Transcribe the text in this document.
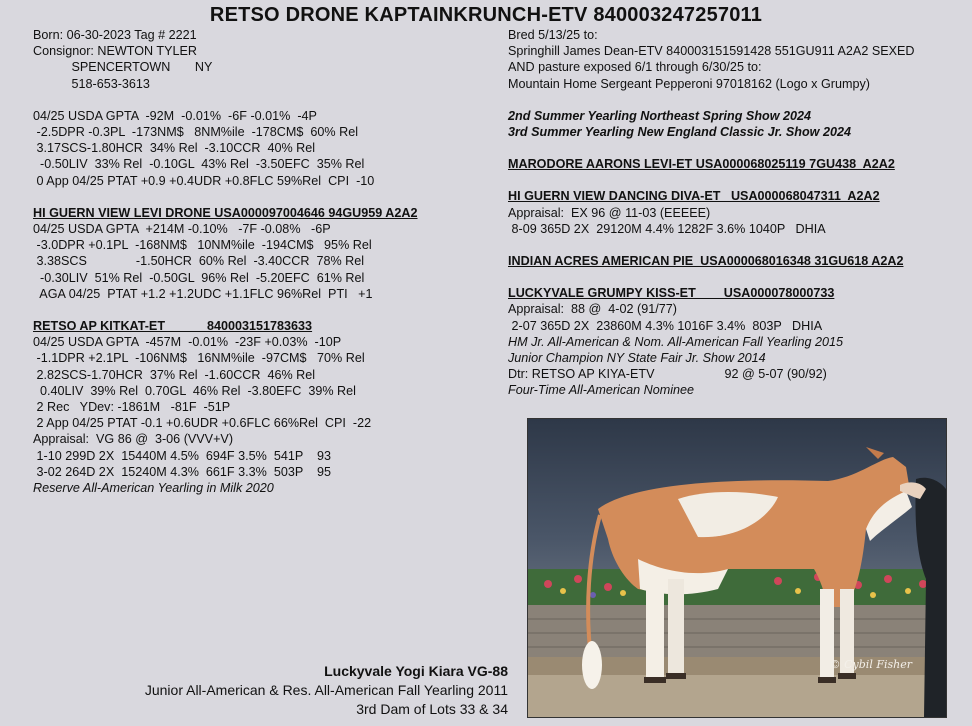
RETSO DRONE KAPTAINKRUNCH-ETV 840003247257011
Born: 06-30-2023 Tag # 2221
Consignor: NEWTON TYLER
SPENCERTOWN       NY
518-653-3613
04/25 USDA GPTA  -92M  -0.01%  -6F -0.01%  -4P
-2.5DPR -0.3PL  -173NM$   8NM%ile  -178CM$  60% Rel
3.17SCS-1.80HCR  34% Rel  -3.10CCR  40% Rel
-0.50LIV  33% Rel  -0.10GL  43% Rel  -3.50EFC  35% Rel
0 App 04/25 PTAT +0.9 +0.4UDR +0.8FLC 59%Rel  CPI  -10
HI GUERN VIEW LEVI DRONE USA000097004646 94GU959 A2A2
04/25 USDA GPTA  +214M -0.10%   -7F -0.08%   -6P
-3.0DPR +0.1PL  -168NM$   10NM%ile  -194CM$   95% Rel
3.38SCS              -1.50HCR  60% Rel  -3.40CCR  78% Rel
-0.30LIV  51% Rel  -0.50GL  96% Rel  -5.20EFC  61% Rel
AGA 04/25  PTAT +1.2 +1.2UDC +1.1FLC 96%Rel  PTI   +1
RETSO AP KITKAT-ET            840003151783633
04/25 USDA GPTA  -457M  -0.01%  -23F +0.03%  -10P
-1.1DPR +2.1PL  -106NM$   16NM%ile  -97CM$   70% Rel
2.82SCS-1.70HCR  37% Rel  -1.60CCR  46% Rel
0.40LIV  39% Rel  0.70GL  46% Rel  -3.80EFC  39% Rel
2 Rec   YDev: -1861M   -81F  -51P
2 App 04/25 PTAT -0.1 +0.6UDR +0.6FLC 66%Rel  CPI  -22
Appraisal:  VG 86 @  3-06 (VVV+V)
1-10 299D 2X  15440M 4.5%  694F 3.5%  541P    93
3-02 264D 2X  15240M 4.3%  661F 3.3%  503P    95
Reserve All-American Yearling in Milk 2020
Bred 5/13/25 to:
Springhill James Dean-ETV 840003151591428 551GU911 A2A2 SEXED
AND pasture exposed 6/1 through 6/30/25 to:
Mountain Home Sergeant Pepperoni 97018162 (Logo x Grumpy)
2nd Summer Yearling Northeast Spring Show 2024
3rd Summer Yearling New England Classic Jr. Show 2024
MARODORE AARONS LEVI-ET USA000068025119 7GU438  A2A2
HI GUERN VIEW DANCING DIVA-ET   USA000068047311  A2A2
Appraisal:  EX 96 @ 11-03 (EEEEE)
8-09 365D 2X  29120M 4.4% 1282F 3.6% 1040P   DHIA
INDIAN ACRES AMERICAN PIE  USA000068016348 31GU618 A2A2
LUCKYVALE GRUMPY KISS-ET        USA000078000733
Appraisal:  88 @  4-02 (91/77)
2-07 365D 2X  23860M 4.3% 1016F 3.4%  803P   DHIA
HM Jr. All-American & Nom. All-American Fall Yearling 2015
Junior Champion NY State Fair Jr. Show 2014
Dtr: RETSO AP KIYA-ETV                    92 @ 5-07 (90/92)
Four-Time All-American Nominee
© Cybil Fisher
Luckyvale Yogi Kiara VG-88
Junior All-American & Res. All-American Fall Yearling 2011
3rd Dam of Lots 33 & 34
